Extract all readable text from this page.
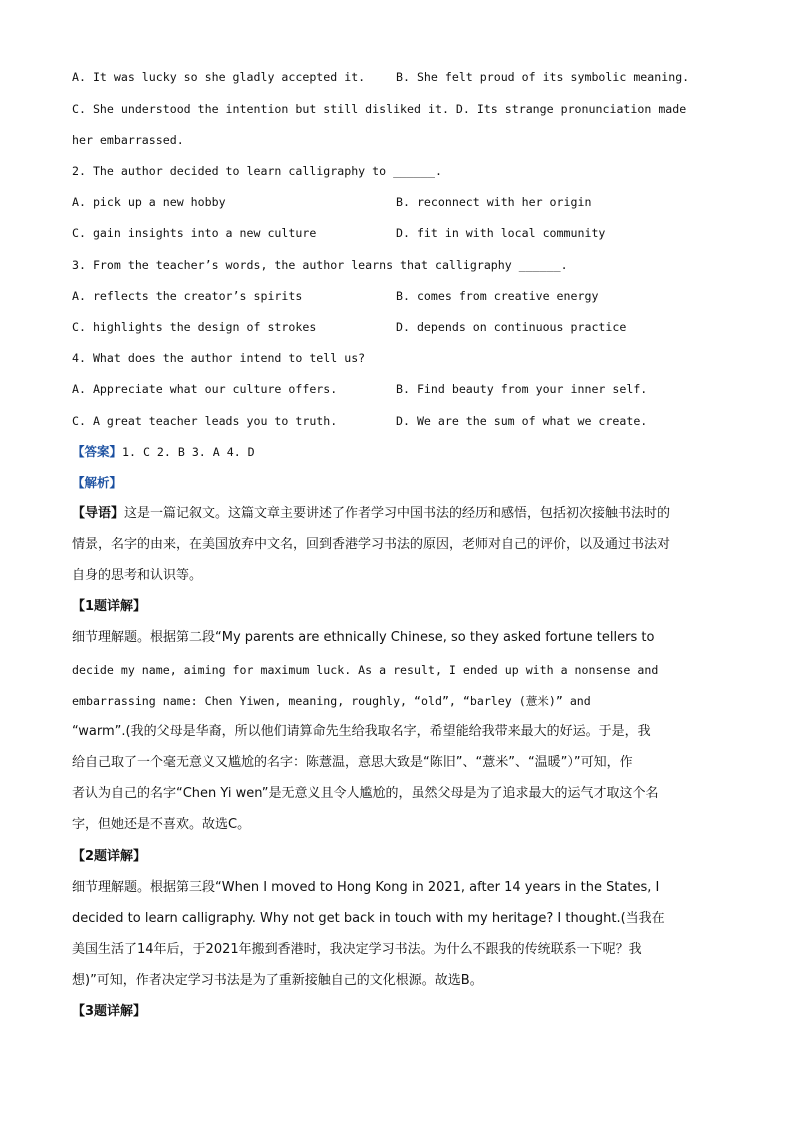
A. It was lucky so she gladly accepted it.	B. She felt proud of its symbolic meaning.
C. She understood the intention but still disliked it. D. Its strange pronunciation made
her embarrassed.
2. The author decided to learn calligraphy to ______.
A. pick up a new hobby	B. reconnect with her origin
C. gain insights into a new culture	D. fit in with local community
3. From the teacher’s words, the author learns that calligraphy ______.
A. reflects the creator’s spirits	B. comes from creative energy
C. highlights the design of strokes	D. depends on continuous practice
4. What does the author intend to tell us?
A. Appreciate what our culture offers.	B. Find beauty from your inner self.
C. A great teacher leads you to truth.	D. We are the sum of what we create.
【答案】1. C 2. B 3. A 4. D
【解析】
【导语】这是一篇记叙文。这篇文章主要讲述了作者学习中国书法的经历和感悟，包括初次接触书法时的
情景，名字的由来，在美国放弃中文名，回到香港学习书法的原因，老师对自己的评价，以及通过书法对
自身的思考和认识等。
【1题详解】
细节理解题。根据第二段“My parents are ethnically Chinese, so they asked fortune tellers to
decide my name, aiming for maximum luck. As a result, I ended up with a nonsense and
embarrassing name: Chen Yiwen, meaning, roughly, “old”, “barley (薏米)” and
“warm”.(我的父母是华裔，所以他们请算命先生给我取名字，希望能给我带来最大的好运。于是，我
给自己取了一个毫无意义又尴尬的名字：陈薏温，意思大致是“陈旧”、“薏米”、“温暖”）”可知，作
者认为自己的名字“Chen Yi wen”是无意义且令人尴尬的，虽然父母是为了追求最大的运气才取这个名
字，但她还是不喜欢。故选C。
【2题详解】
细节理解题。根据第三段“When I moved to Hong Kong in 2021, after 14 years in the States, I
decided to learn calligraphy. Why not get back in touch with my heritage? I thought.(当我在
美国生活了14年后，于2021年搬到香港时，我决定学习书法。为什么不跟我的传统联系一下呢？我
想)”可知，作者决定学习书法是为了重新接触自己的文化根源。故选B。
【3题详解】
